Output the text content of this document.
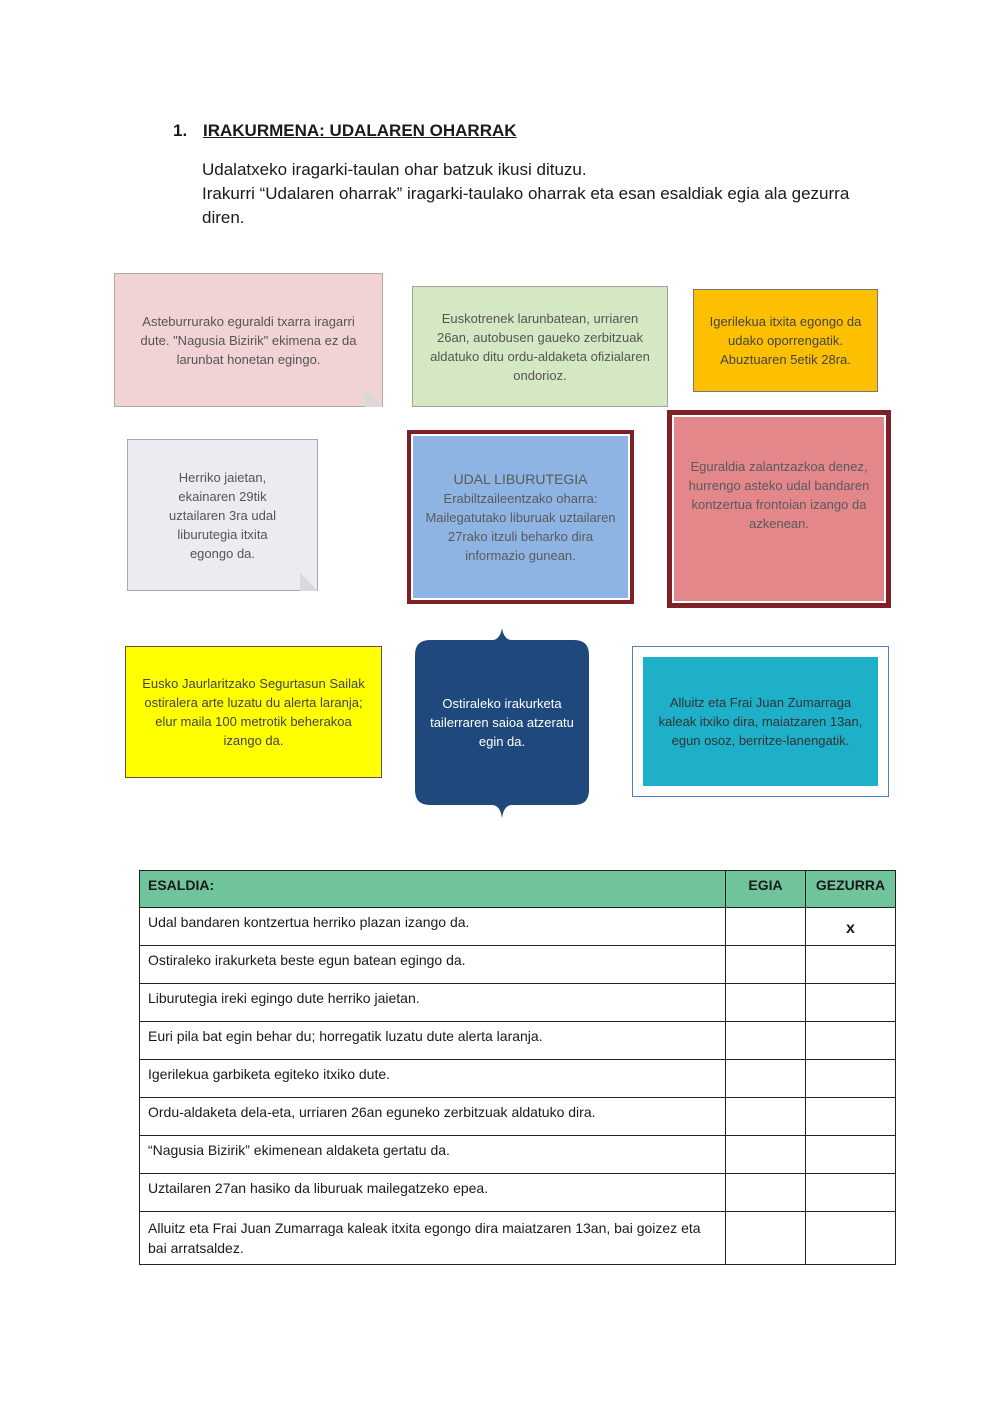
1. IRAKURMENA: UDALAREN OHARRAK
Udalatxeko iragarki-taulan ohar batzuk ikusi dituzu.
Irakurri “Udalaren oharrak” iragarki-taulako oharrak eta esan esaldiak egia ala gezurra diren.
Asteburrurako eguraldi txarra iragarri dute. "Nagusia Bizirik" ekimena ez da larunbat honetan egingo.
Euskotrenek larunbatean, urriaren 26an, autobusen gaueko zerbitzuak aldatuko ditu ordu-aldaketa ofizialaren ondorioz.
Igerilekua itxita egongo da udako oporrengatik. Abuztuaren 5etik 28ra.
Herriko jaietan, ekainaren 29tik uztailaren 3ra udal liburutegia itxita egongo da.
UDAL LIBURUTEGIA
Erabiltzaileentzako oharra: Mailegatutako liburuak uztailaren 27rako itzuli beharko dira informazio gunean.
Eguraldia zalantzazkoa denez, hurrengo asteko udal bandaren kontzertua frontoian izango da azkenean.
Eusko Jaurlaritzako Segurtasun Sailak ostiralera arte luzatu du alerta laranja; elur maila 100 metrotik beherakoa izango da.
Ostiraleko irakurketa tailerraren saioa atzeratu egin da.
Alluitz eta Frai Juan Zumarraga kaleak itxiko dira, maiatzaren 13an, egun osoz, berritze-lanengatik.
ESALDIA:	EGIA	GEZURRA
Udal bandaren kontzertua herriko plazan izango da.		x
Ostiraleko irakurketa beste egun batean egingo da.		
Liburutegia ireki egingo dute herriko jaietan.		
Euri pila bat egin behar du; horregatik luzatu dute alerta laranja.		
Igerilekua garbiketa egiteko itxiko dute.		
Ordu-aldaketa dela-eta, urriaren 26an eguneko zerbitzuak aldatuko dira.		
“Nagusia Bizirik” ekimenean aldaketa gertatu da.		
Uztailaren 27an hasiko da liburuak mailegatzeko epea.		
Alluitz eta Frai Juan Zumarraga kaleak itxita egongo dira maiatzaren 13an, bai goizez eta bai arratsaldez.		
